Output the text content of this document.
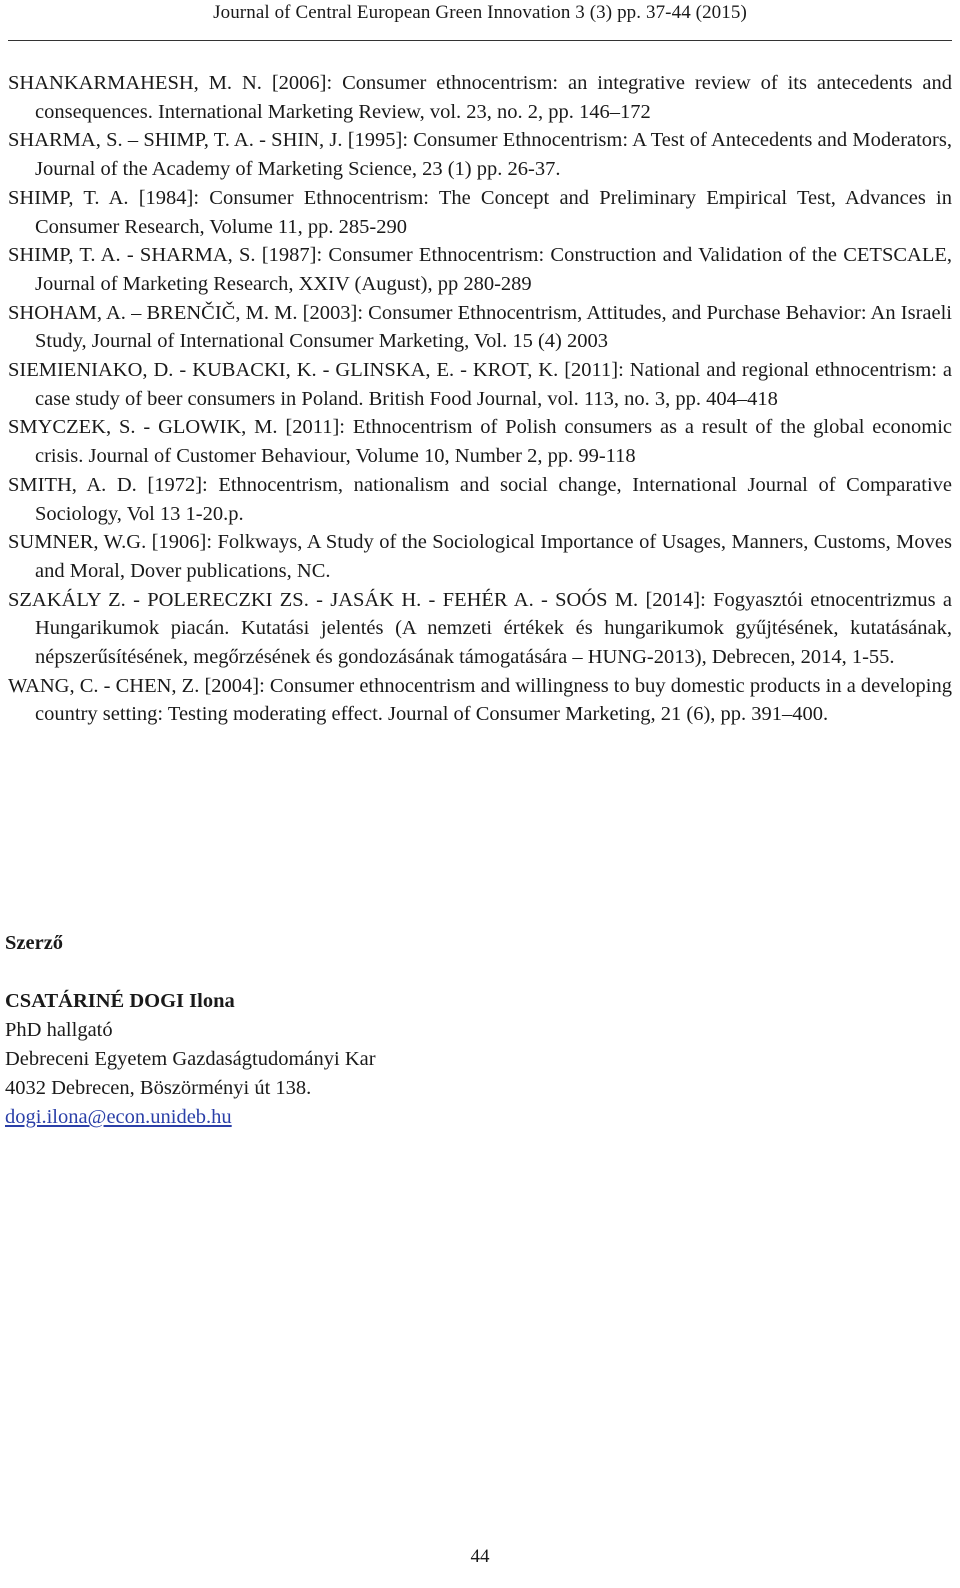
Journal of Central European Green Innovation 3 (3) pp. 37-44 (2015)

SHANKARMAHESH, M. N. [2006]: Consumer ethnocentrism: an integrative review of its antecedents and consequences. International Marketing Review, vol. 23, no. 2, pp. 146–172

SHARMA, S. – SHIMP, T. A. - SHIN, J. [1995]: Consumer Ethnocentrism: A Test of Antecedents and Moderators, Journal of the Academy of Marketing Science, 23 (1) pp. 26-37.

SHIMP, T. A. [1984]: Consumer Ethnocentrism: The Concept and Preliminary Empirical Test, Advances in Consumer Research, Volume 11, pp. 285-290

SHIMP, T. A. - SHARMA, S. [1987]: Consumer Ethnocentrism: Construction and Validation of the CETSCALE, Journal of Marketing Research, XXIV (August), pp 280-289

SHOHAM, A. – BRENČIČ, M. M. [2003]: Consumer Ethnocentrism, Attitudes, and Purchase Behavior: An Israeli Study, Journal of International Consumer Marketing, Vol. 15 (4) 2003

SIEMIENIAKO, D. - KUBACKI, K. - GLINSKA, E. - KROT, K. [2011]: National and regional ethnocentrism: a case study of beer consumers in Poland. British Food Journal, vol. 113, no. 3, pp. 404–418

SMYCZEK, S. - GLOWIK, M. [2011]: Ethnocentrism of Polish consumers as a result of the global economic crisis. Journal of Customer Behaviour, Volume 10, Number 2, pp. 99-118

SMITH, A. D. [1972]: Ethnocentrism, nationalism and social change, International Journal of Comparative Sociology, Vol 13 1-20.p.

SUMNER, W.G. [1906]: Folkways, A Study of the Sociological Importance of Usages, Manners, Customs, Moves and Moral, Dover publications, NC.

SZAKÁLY Z. - POLERECZKI ZS. - JASÁK H. - FEHÉR A. - SOÓS M. [2014]: Fogyasztói etnocentrizmus a Hungarikumok piacán. Kutatási jelentés (A nemzeti értékek és hungarikumok gyűjtésének, kutatásának, népszerűsítésének, megőrzésének és gondozásának támogatására – HUNG-2013), Debrecen, 2014, 1-55.

WANG, C. - CHEN, Z. [2004]: Consumer ethnocentrism and willingness to buy domestic products in a developing country setting: Testing moderating effect. Journal of Consumer Marketing, 21 (6), pp. 391–400.

Szerző

CSATÁRINÉ DOGI Ilona

PhD hallgató

Debreceni Egyetem Gazdaságtudományi Kar

4032 Debrecen, Böszörményi út 138.

dogi.ilona@econ.unideb.hu

44
